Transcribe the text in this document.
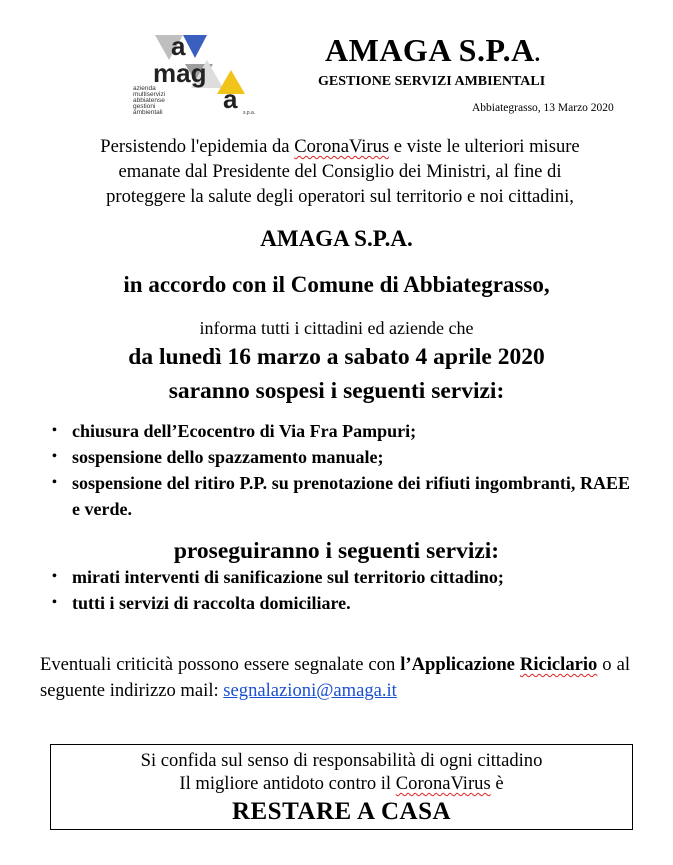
a
mag
a
azienda
multiservizi
abbiatense
gestioni
ambientali	s.p.a.
AMAGA S.P.A.
GESTIONE SERVIZI AMBIENTALI
Abbiategrasso, 13 Marzo 2020
Persistendo l'epidemia da CoronaVirus e viste le ulteriori misure
emanate dal Presidente del Consiglio dei Ministri, al fine di
proteggere la salute degli operatori sul territorio e noi cittadini,
AMAGA S.P.A.
in accordo con il Comune di Abbiategrasso,
informa tutti i cittadini ed aziende che
da lunedì 16 marzo a sabato 4 aprile 2020
saranno sospesi i seguenti servizi:
• chiusura dell’Ecocentro di Via Fra Pampuri;
• sospensione dello spazzamento manuale;
• sospensione del ritiro P.P. su prenotazione dei rifiuti ingombranti, RAEE e verde.
proseguiranno i seguenti servizi:
• mirati interventi di sanificazione sul territorio cittadino;
• tutti i servizi di raccolta domiciliare.
Eventuali criticità possono essere segnalate con l’Applicazione Riciclario o al seguente indirizzo mail: segnalazioni@amaga.it
Si confida sul senso di responsabilità di ogni cittadino
Il migliore antidoto contro il CoronaVirus è
RESTARE A CASA
